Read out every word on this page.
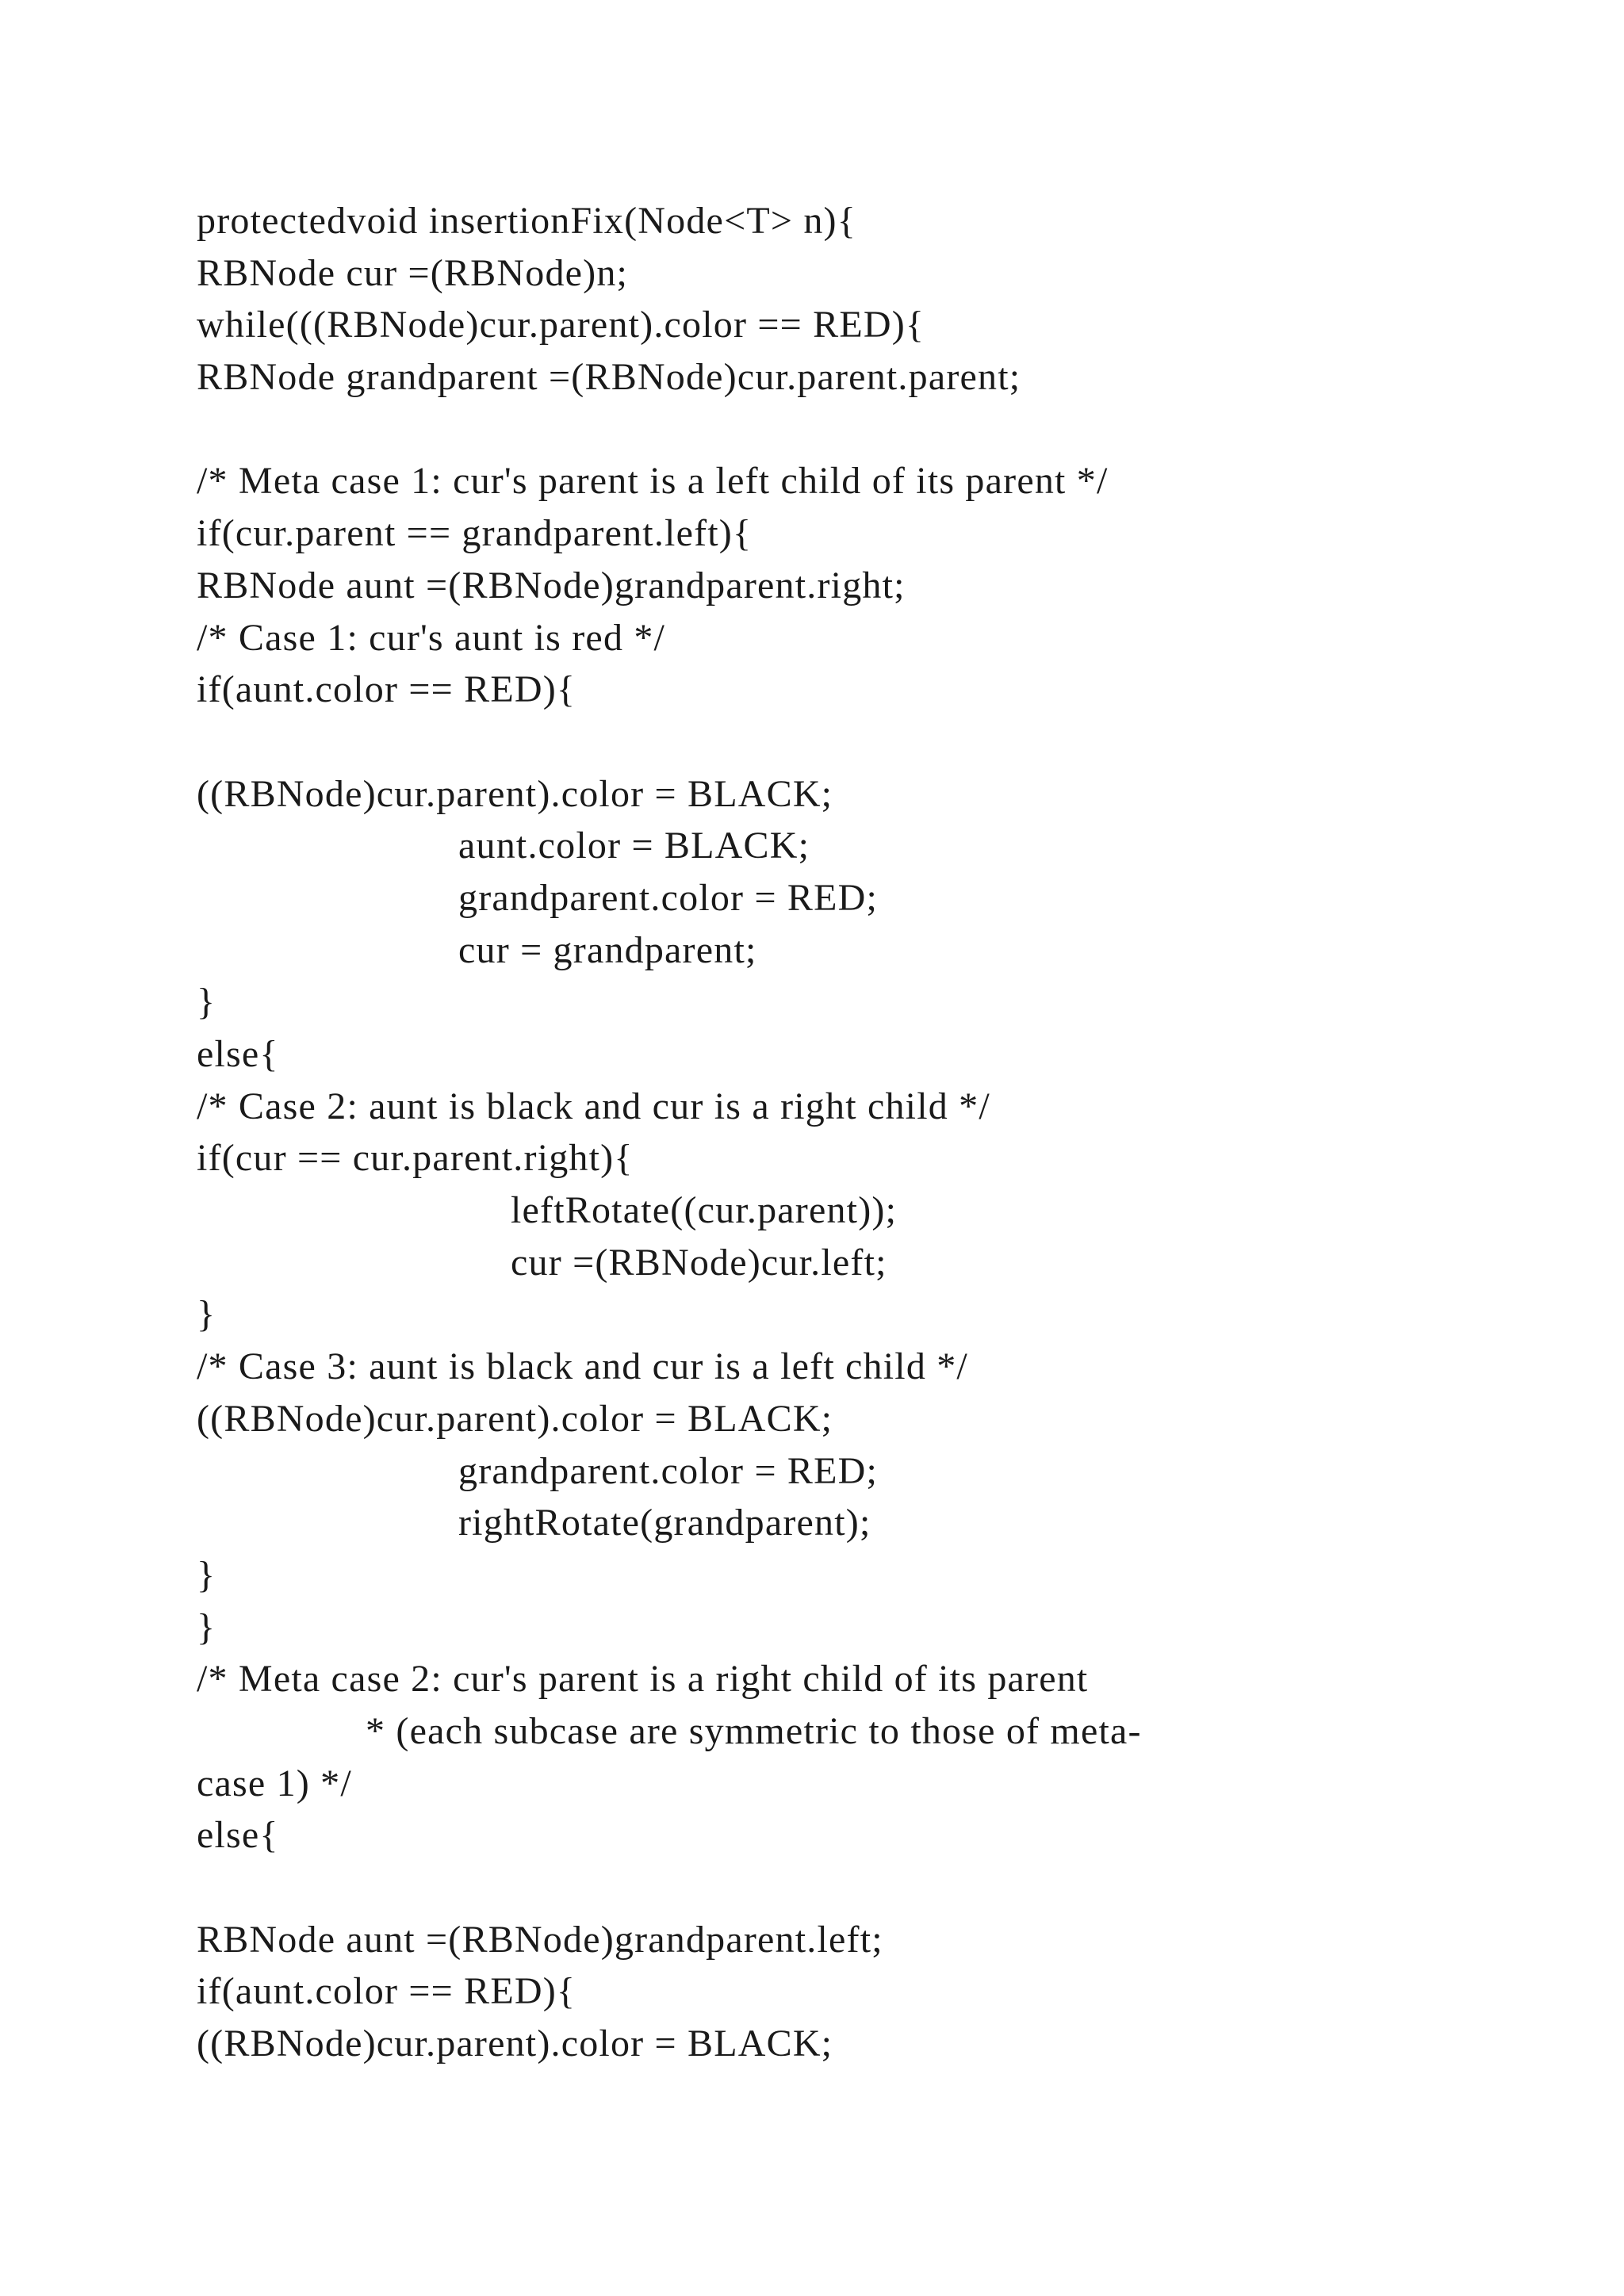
protectedvoid insertionFix(Node<T> n){
RBNode cur =(RBNode)n;
while(((RBNode)cur.parent).color == RED){
RBNode grandparent =(RBNode)cur.parent.parent;
/* Meta case 1: cur's parent is a left child of its parent */
if(cur.parent == grandparent.left){
RBNode aunt =(RBNode)grandparent.right;
/* Case 1: cur's aunt is red */
if(aunt.color == RED){
((RBNode)cur.parent).color = BLACK;
aunt.color = BLACK;
grandparent.color = RED;
cur = grandparent;
}
else{
/* Case 2: aunt is black and cur is a right child */
if(cur == cur.parent.right){
leftRotate((cur.parent));
cur =(RBNode)cur.left;
}
/* Case 3: aunt is black and cur is a left child */
((RBNode)cur.parent).color = BLACK;
grandparent.color = RED;
rightRotate(grandparent);
}
}
/* Meta case 2: cur's parent is a right child of its parent
* (each subcase are symmetric to those of meta-
case 1) */
else{
RBNode aunt =(RBNode)grandparent.left;
if(aunt.color == RED){
((RBNode)cur.parent).color = BLACK;
